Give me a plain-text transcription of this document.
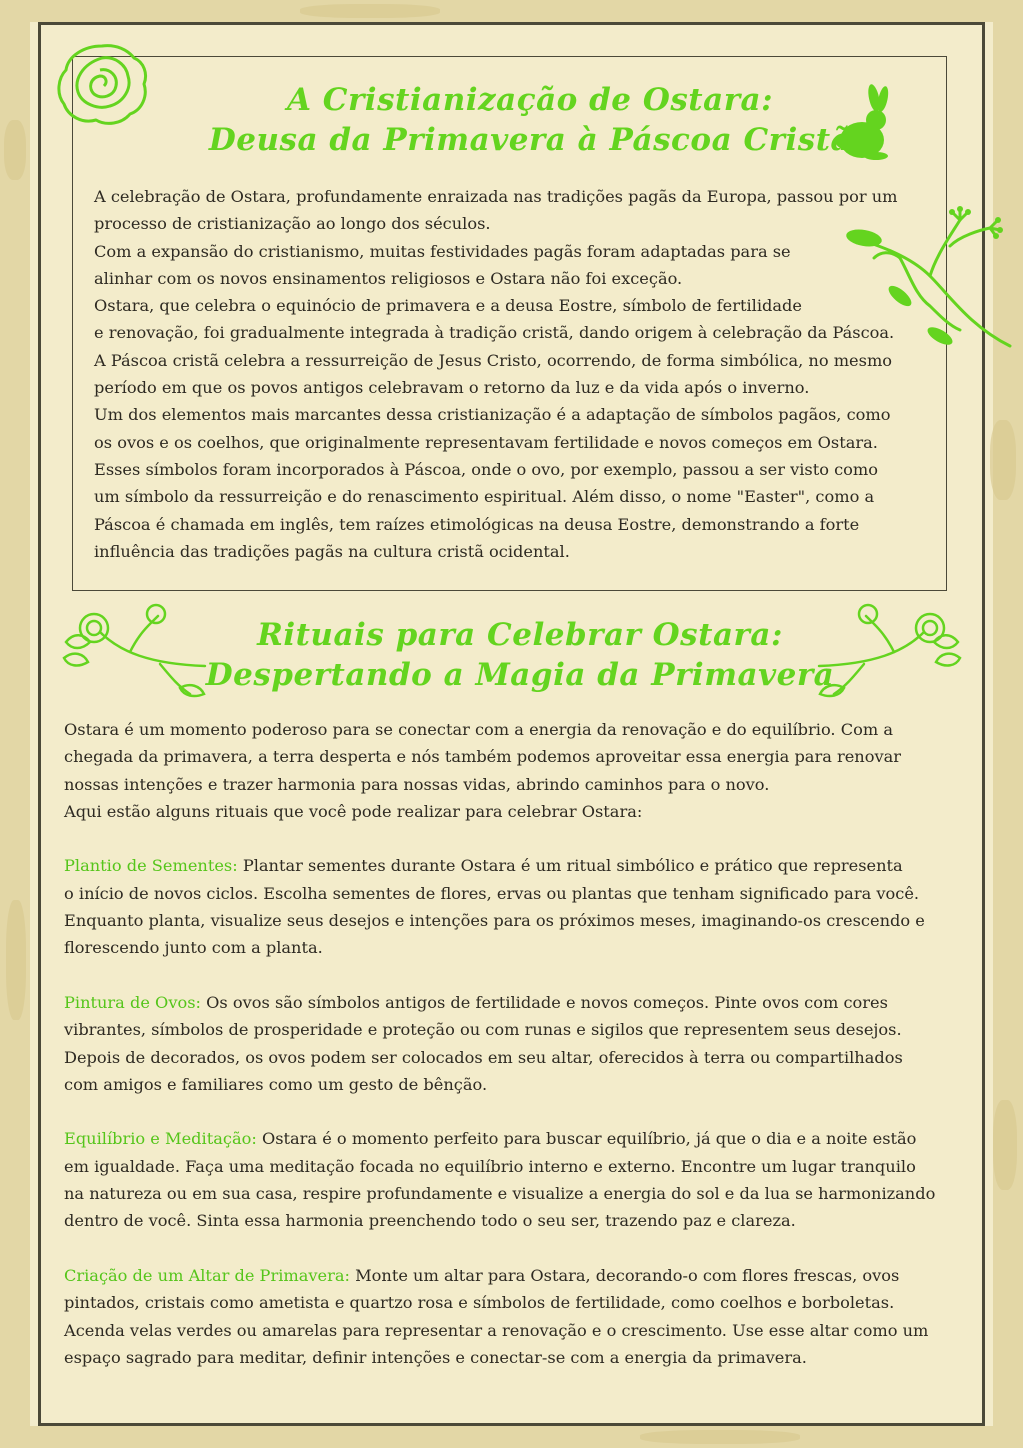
A Cristianização de Ostara:
Deusa da Primavera à Páscoa Cristã

A celebração de Ostara, profundamente enraizada nas tradições pagãs da Europa, passou por um
processo de cristianização ao longo dos séculos.
Com a expansão do cristianismo, muitas festividades pagãs foram adaptadas para se
alinhar com os novos ensinamentos religiosos e Ostara não foi exceção.
Ostara, que celebra o equinócio de primavera e a deusa Eostre, símbolo de fertilidade
e renovação, foi gradualmente integrada à tradição cristã, dando origem à celebração da Páscoa.
A Páscoa cristã celebra a ressurreição de Jesus Cristo, ocorrendo, de forma simbólica, no mesmo
período em que os povos antigos celebravam o retorno da luz e da vida após o inverno.
Um dos elementos mais marcantes dessa cristianização é a adaptação de símbolos pagãos, como
os ovos e os coelhos, que originalmente representavam fertilidade e novos começos em Ostara.
Esses símbolos foram incorporados à Páscoa, onde o ovo, por exemplo, passou a ser visto como
um símbolo da ressurreição e do renascimento espiritual. Além disso, o nome "Easter", como a
Páscoa é chamada em inglês, tem raízes etimológicas na deusa Eostre, demonstrando a forte
influência das tradições pagãs na cultura cristã ocidental.

Rituais para Celebrar Ostara:
Despertando a Magia da Primavera
Ostara é um momento poderoso para se conectar com a energia da renovação e do equilíbrio. Com a
chegada da primavera, a terra desperta e nós também podemos aproveitar essa energia para renovar
nossas intenções e trazer harmonia para nossas vidas, abrindo caminhos para o novo.
Aqui estão alguns rituais que você pode realizar para celebrar Ostara:
Plantio de Sementes: Plantar sementes durante Ostara é um ritual simbólico e prático que representa
o início de novos ciclos. Escolha sementes de flores, ervas ou plantas que tenham significado para você.
Enquanto planta, visualize seus desejos e intenções para os próximos meses, imaginando-os crescendo e
florescendo junto com a planta.
Pintura de Ovos: Os ovos são símbolos antigos de fertilidade e novos começos. Pinte ovos com cores
vibrantes, símbolos de prosperidade e proteção ou com runas e sigilos que representem seus desejos.
Depois de decorados, os ovos podem ser colocados em seu altar, oferecidos à terra ou compartilhados
com amigos e familiares como um gesto de bênção.
Equilíbrio e Meditação: Ostara é o momento perfeito para buscar equilíbrio, já que o dia e a noite estão
em igualdade. Faça uma meditação focada no equilíbrio interno e externo. Encontre um lugar tranquilo
na natureza ou em sua casa, respire profundamente e visualize a energia do sol e da lua se harmonizando
dentro de você. Sinta essa harmonia preenchendo todo o seu ser, trazendo paz e clareza.
Criação de um Altar de Primavera: Monte um altar para Ostara, decorando-o com flores frescas, ovos
pintados, cristais como ametista e quartzo rosa e símbolos de fertilidade, como coelhos e borboletas.
Acenda velas verdes ou amarelas para representar a renovação e o crescimento. Use esse altar como um
espaço sagrado para meditar, definir intenções e conectar-se com a energia da primavera.
